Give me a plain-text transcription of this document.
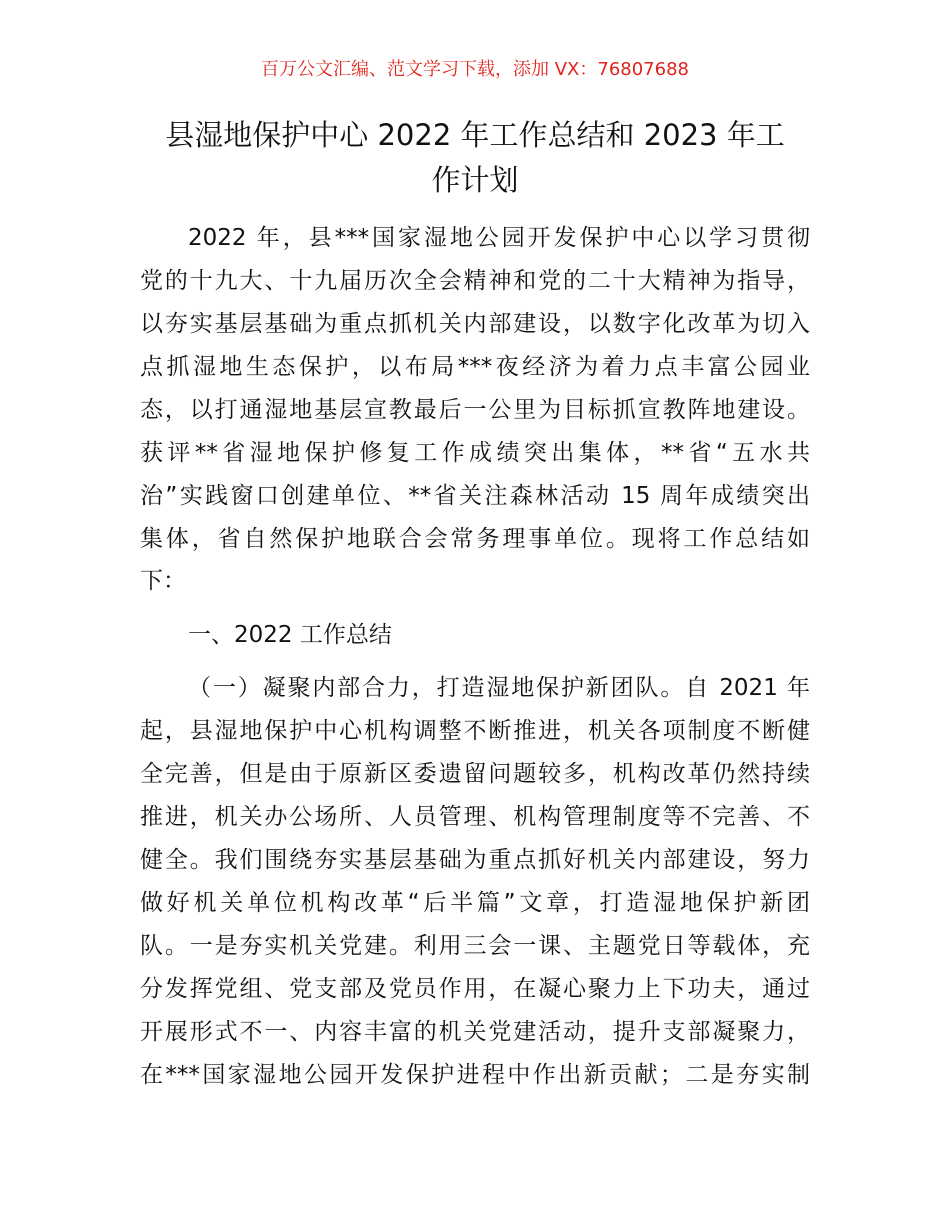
百万公文汇编、范文学习下载，添加 VX：76807688
县湿地保护中心 2022 年工作总结和 2023 年工
作计划
2022 年，县***国家湿地公园开发保护中心以学习贯彻
党的十九大、十九届历次全会精神和党的二十大精神为指导，
以夯实基层基础为重点抓机关内部建设，以数字化改革为切入
点抓湿地生态保护，以布局***夜经济为着力点丰富公园业
态，以打通湿地基层宣教最后一公里为目标抓宣教阵地建设。
获评**省湿地保护修复工作成绩突出集体，**省“五水共
治”实践窗口创建单位、**省关注森林活动 15 周年成绩突出
集体，省自然保护地联合会常务理事单位。现将工作总结如
下：
一、2022 工作总结
（一）凝聚内部合力，打造湿地保护新团队。自 2021 年
起，县湿地保护中心机构调整不断推进，机关各项制度不断健
全完善，但是由于原新区委遗留问题较多，机构改革仍然持续
推进，机关办公场所、人员管理、机构管理制度等不完善、不
健全。我们围绕夯实基层基础为重点抓好机关内部建设，努力
做好机关单位机构改革“后半篇”文章，打造湿地保护新团
队。一是夯实机关党建。利用三会一课、主题党日等载体，充
分发挥党组、党支部及党员作用，在凝心聚力上下功夫，通过
开展形式不一、内容丰富的机关党建活动，提升支部凝聚力，
在***国家湿地公园开发保护进程中作出新贡献；二是夯实制
